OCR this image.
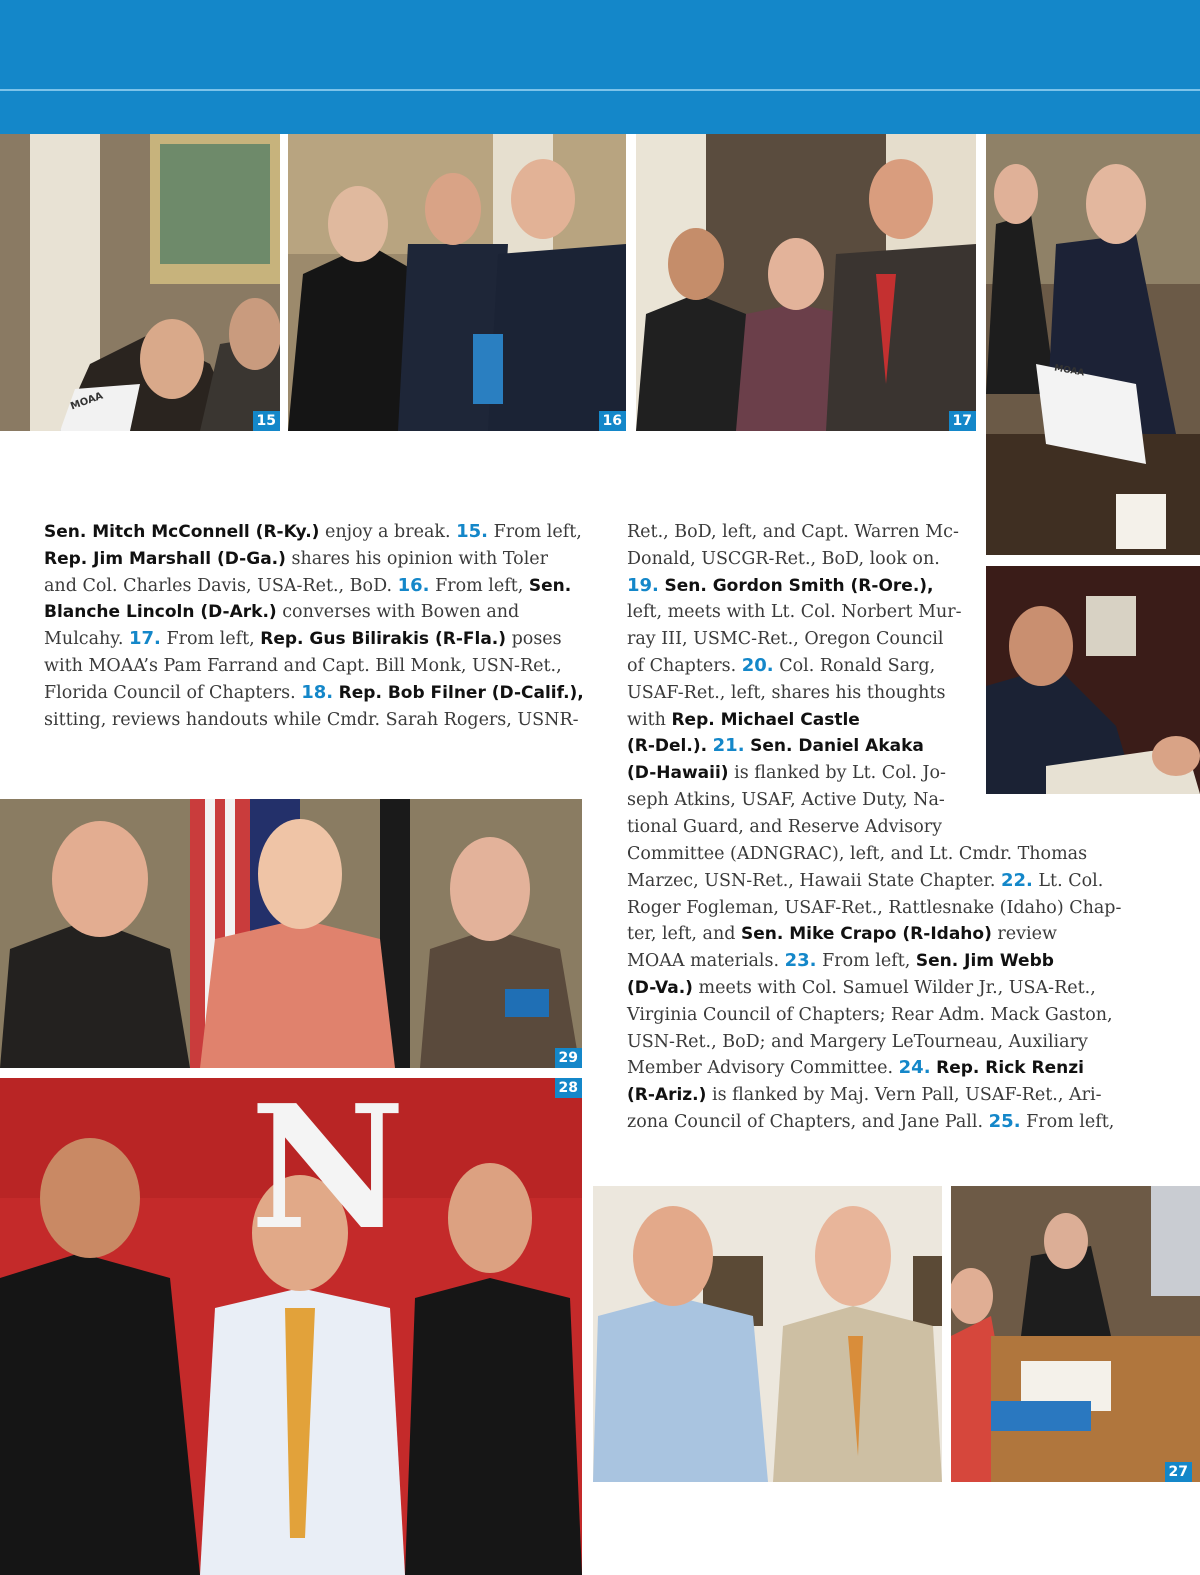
15
MOAA
16	17
MOAA
29
N	28
27
Sen. Mitch McConnell (R-Ky.) enjoy a break. 15. From left,
Rep. Jim Marshall (D-Ga.) shares his opinion with Toler
and Col. Charles Davis, USA-Ret., BoD. 16. From left, Sen.
Blanche Lincoln (D-Ark.) converses with Bowen and
Mulcahy. 17. From left, Rep. Gus Bilirakis (R-Fla.) poses
with MOAA’s Pam Farrand and Capt. Bill Monk, USN-Ret.,
Florida Council of Chapters. 18. Rep. Bob Filner (D-Calif.),
sitting, reviews handouts while Cmdr. Sarah Rogers, USNR-
Ret., BoD, left, and Capt. Warren Mc-
Donald, USCGR-Ret., BoD, look on.
19. Sen. Gordon Smith (R-Ore.),
left, meets with Lt. Col. Norbert Mur-
ray III, USMC-Ret., Oregon Council
of Chapters. 20. Col. Ronald Sarg,
USAF-Ret., left, shares his thoughts
with Rep. Michael Castle
(R-Del.). 21. Sen. Daniel Akaka
(D-Hawaii) is flanked by Lt. Col. Jo-
seph Atkins, USAF, Active Duty, Na-
tional Guard, and Reserve Advisory
Committee (ADNGRAC), left, and Lt. Cmdr. Thomas
Marzec, USN-Ret., Hawaii State Chapter. 22. Lt. Col.
Roger Fogleman, USAF-Ret., Rattlesnake (Idaho) Chap-
ter, left, and Sen. Mike Crapo (R-Idaho) review
MOAA materials. 23. From left, Sen. Jim Webb
(D-Va.) meets with Col. Samuel Wilder Jr., USA-Ret.,
Virginia Council of Chapters; Rear Adm. Mack Gaston,
USN-Ret., BoD; and Margery LeTourneau, Auxiliary
Member Advisory Committee. 24. Rep. Rick Renzi
(R-Ariz.) is flanked by Maj. Vern Pall, USAF-Ret., Ari-
zona Council of Chapters, and Jane Pall. 25. From left,
